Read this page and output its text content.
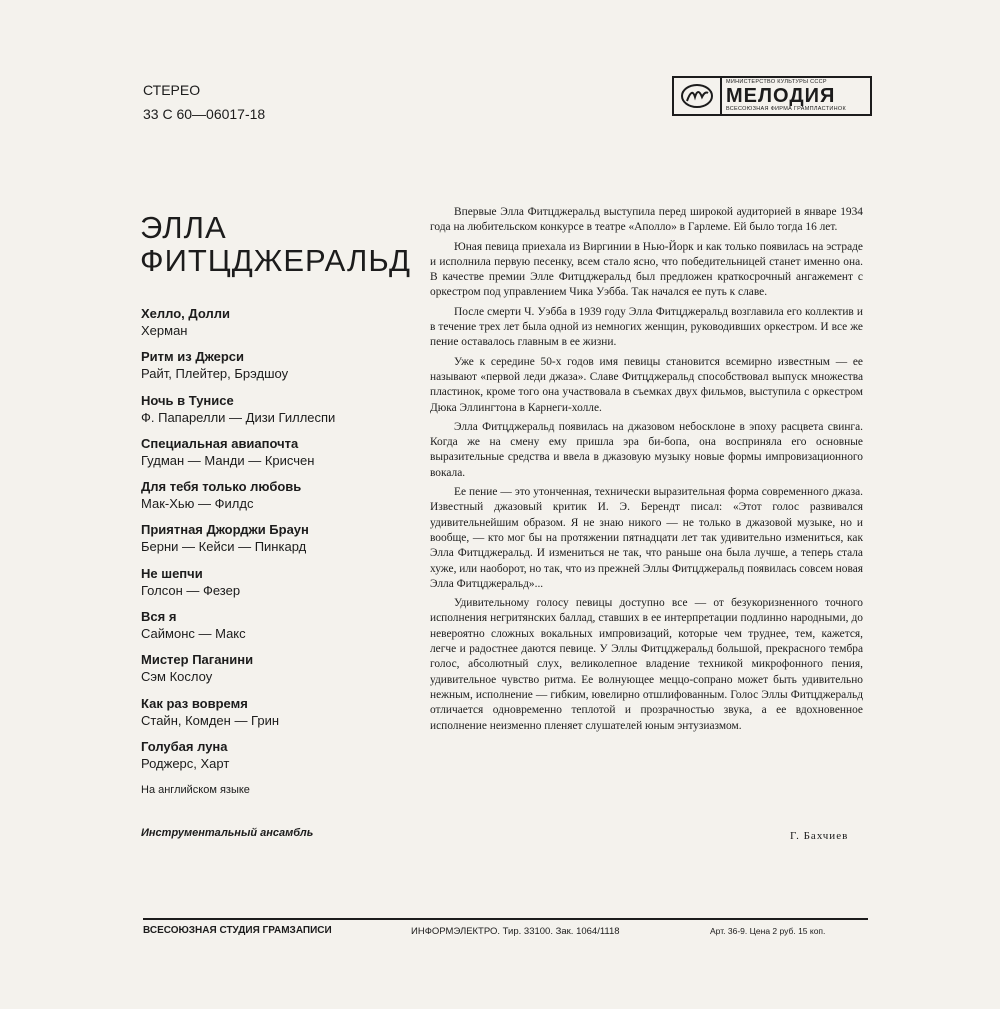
СТЕРЕО
33 С 60—06017-18
МИНИСТЕРСТВО КУЛЬТУРЫ СССР
МЕЛОДИЯ
ВСЕСОЮЗНАЯ ФИРМА ГРАМПЛАСТИНОК
ЭЛЛА
ФИТЦДЖЕРАЛЬД
Хелло, Долли
Херман
Ритм из Джерси
Райт, Плейтер, Брэдшоу
Ночь в Тунисе
Ф. Папарелли — Дизи Гиллеспи
Специальная авиапочта
Гудман — Манди — Крисчен
Для тебя только любовь
Мак-Хью — Филдс
Приятная Джорджи Браун
Берни — Кейси — Пинкард
Не шепчи
Голсон — Фезер
Вся я
Саймонс — Макс
Мистер Паганини
Сэм Кослоу
Как раз вовремя
Стайн, Комден — Грин
Голубая луна
Роджерс, Харт
На английском языке
Инструментальный ансамбль

Впервые Элла Фитцджеральд выступила перед широкой аудиторией в январе 1934 года на любительском конкурсе в театре «Аполло» в Гарлеме. Ей было тогда 16 лет.

Юная певица приехала из Виргинии в Нью-Йорк и как только появилась на эстраде и исполнила первую песенку, всем стало ясно, что победительницей станет именно она. В качестве премии Элле Фитцджеральд был предложен краткосрочный ангажемент с оркестром под управлением Чика Уэбба. Так начался ее путь к славе.

После смерти Ч. Уэбба в 1939 году Элла Фитцджеральд возглавила его коллектив и в течение трех лет была одной из немногих женщин, руководивших оркестром. И все же пение оставалось главным в ее жизни.

Уже к середине 50-х годов имя певицы становится всемирно известным — ее называют «первой леди джаза». Славе Фитцджеральд способствовал выпуск множества пластинок, кроме того она участвовала в съемках двух фильмов, выступила с оркестром Дюка Эллингтона в Карнеги-холле.

Элла Фитцджеральд появилась на джазовом небосклоне в эпоху расцвета свинга. Когда же на смену ему пришла эра би-бопа, она восприняла его основные выразительные средства и ввела в джазовую музыку новые формы импровизационного вокала.

Ее пение — это утонченная, технически выразительная форма современного джаза. Известный джазовый критик И. Э. Берендт писал: «Этот голос развивался удивительнейшим образом. Я не знаю никого — не только в джазовой музыке, но и вообще, — кто мог бы на протяжении пятнадцати лет так удивительно измениться, как Элла Фитцджеральд. И измениться не так, что раньше она была лучше, а теперь стала хуже, или наоборот, но так, что из прежней Эллы Фитцджеральд появилась совсем новая Элла Фитцджеральд»...

Удивительному голосу певицы доступно все — от безукоризненного точного исполнения негритянских баллад, ставших в ее интерпретации подлинно народными, до невероятно сложных вокальных импровизаций, которые чем труднее, тем, кажется, легче и радостнее даются певице. У Эллы Фитцджеральд большой, прекрасного тембра голос, абсолютный слух, великолепное владение техникой микрофонного пения, удивительное чувство ритма. Ее волнующее меццо-сопрано может быть удивительно нежным, исполнение — гибким, ювелирно отшлифованным. Голос Эллы Фитцджеральд отличается одновременно теплотой и прозрачностью звука, а ее вдохновенное исполнение неизменно пленяет слушателей юным энтузиазмом.

Г. Бахчиев
ВСЕСОЮЗНАЯ СТУДИЯ ГРАМЗАПИСИ	ИНФОРМЭЛЕКТРО. Тир. 33100. Зак. 1064/1118	Арт. 36-9. Цена 2 руб. 15 коп.
